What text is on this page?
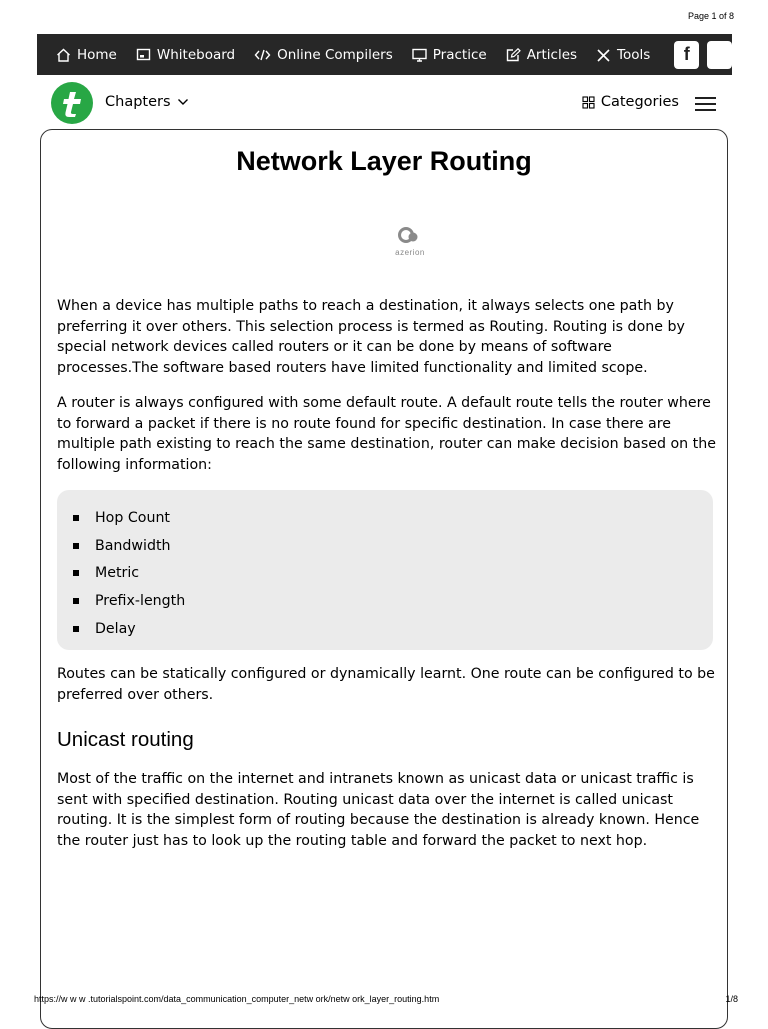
Page 1 of 8
Home	Whiteboard	Online Compilers	Practice	Articles	Tools	f
Chapters	Categories
Network Layer Routing
azerion

When a device has multiple paths to reach a destination, it always selects one path by preferring it over others. This selection process is termed as Routing. Routing is done by special network devices called routers or it can be done by means of software processes.The software based routers have limited functionality and limited scope.

A router is always configured with some default route. A default route tells the router where to forward a packet if there is no route found for specific destination. In case there are multiple path existing to reach the same destination, router can make decision based on the following information:

Hop Count
Bandwidth
Metric
Prefix-length
Delay

Routes can be statically configured or dynamically learnt. One route can be configured to be preferred over others.

Unicast routing

Most of the traffic on the internet and intranets known as unicast data or unicast traffic is sent with specified destination. Routing unicast data over the internet is called unicast routing. It is the simplest form of routing because the destination is already known. Hence the router just has to look up the routing table and forward the packet to next hop.

https://w w w .tutorialspoint.com/data_communication_computer_netw ork/netw ork_layer_routing.htm	1/8
